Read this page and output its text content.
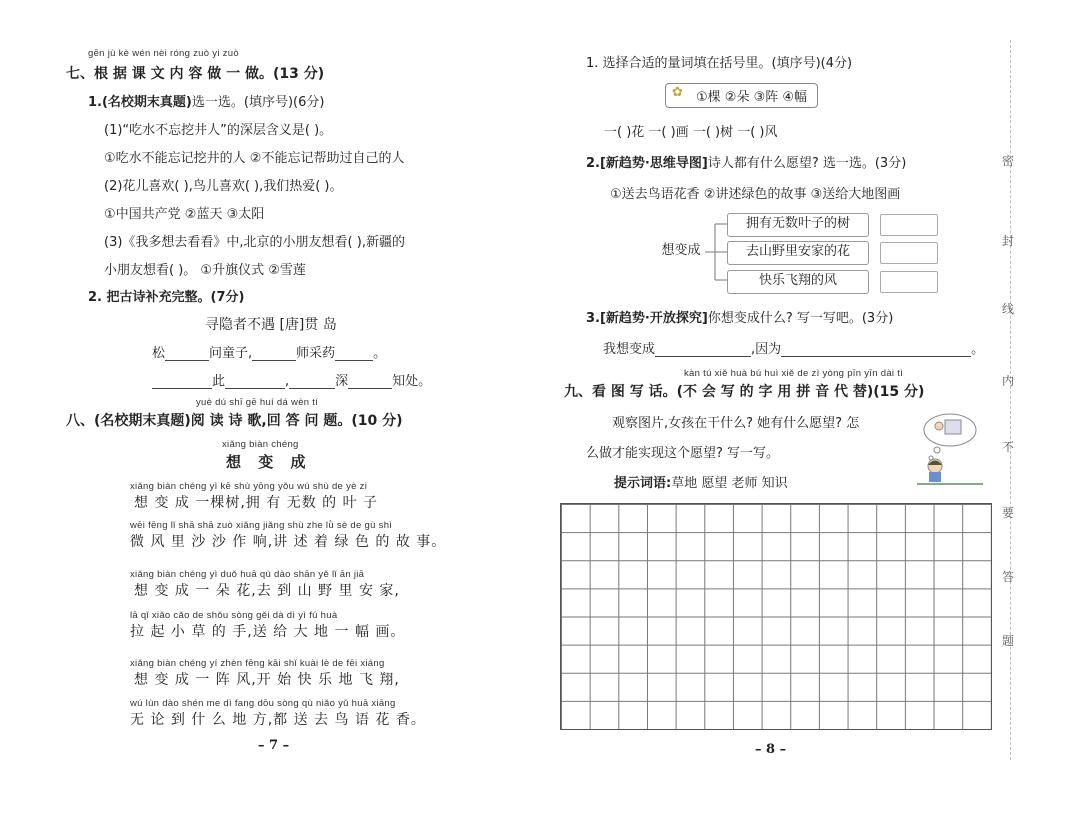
gēn jù kè wén nèi róng zuò yi zuò
七、根 据 课 文 内 容 做 一 做。(13 分)
1.(名校期末真题)选一选。(填序号)(6分)
(1)“吃水不忘挖井人”的深层含义是( )。
①吃水不能忘记挖井的人 ②不能忘记帮助过自己的人
(2)花儿喜欢( ),鸟儿喜欢( ),我们热爱( )。
①中国共产党 ②蓝天 ③太阳
(3)《我多想去看看》中,北京的小朋友想看( ),新疆的
小朋友想看( )。 ①升旗仪式 ②雪莲
2. 把古诗补充完整。(7分)
寻隐者不遇 [唐]贯 岛
松	问童子,	师采药	。
此	,	深	知处。
yuè dú shī gē huí dá wèn tí
八、(名校期末真题)阅 读 诗 歌,回 答 问 题。(10 分)
xiǎng biàn chéng
想 变 成
xiǎng biàn chéng yì kē shù yōng yǒu wú shù de yè zi
想 变 成 一棵树,拥 有 无数 的 叶 子
wēi fēng lǐ shā shā zuò xiǎng jiǎng shù zhe lǜ sè de gù shì
微 风 里 沙 沙 作 响,讲 述 着 绿 色 的 故 事。
xiǎng biàn chéng yì duǒ huā qù dào shān yě lǐ ān jiā
想 变 成 一 朵 花,去 到 山 野 里 安 家,
lā qǐ xiǎo cǎo de shǒu sòng gěi dà dì yì fú huà
拉 起 小 草 的 手,送 给 大 地 一 幅 画。
xiǎng biàn chéng yí zhèn fēng kāi shǐ kuài lè de fēi xiáng
想 变 成 一 阵 风,开 始 快 乐 地 飞 翔,
wú lùn dào shén me dì fang dōu sòng qù niǎo yǔ huā xiāng
无 论 到 什 么 地 方,都 送 去 鸟 语 花 香。
– 7 –
1. 选择合适的量词填在括号里。(填序号)(4分)
✿ ①棵 ②朵 ③阵 ④幅
一( )花 一( )画 一( )树 一( )风
2.[新趋势·思维导图]诗人都有什么愿望? 选一选。(3分)
①送去鸟语花香 ②讲述绿色的故事 ③送给大地图画
想变成
拥有无数叶子的树
去山野里安家的花
快乐飞翔的风
3.[新趋势·开放探究]你想变成什么? 写一写吧。(3分)
我想变成	,因为	。
kàn tú xiě huà bú huì xiě de zì yòng pīn yīn dài tì
九、看 图 写 话。(不 会 写 的 字 用 拼 音 代 替)(15 分)
观察图片,女孩在干什么? 她有什么愿望? 怎
么做才能实现这个愿望? 写一写。
提示词语:草地 愿望 老师 知识
密
封
线
内
不
要
答
题
– 8 –
